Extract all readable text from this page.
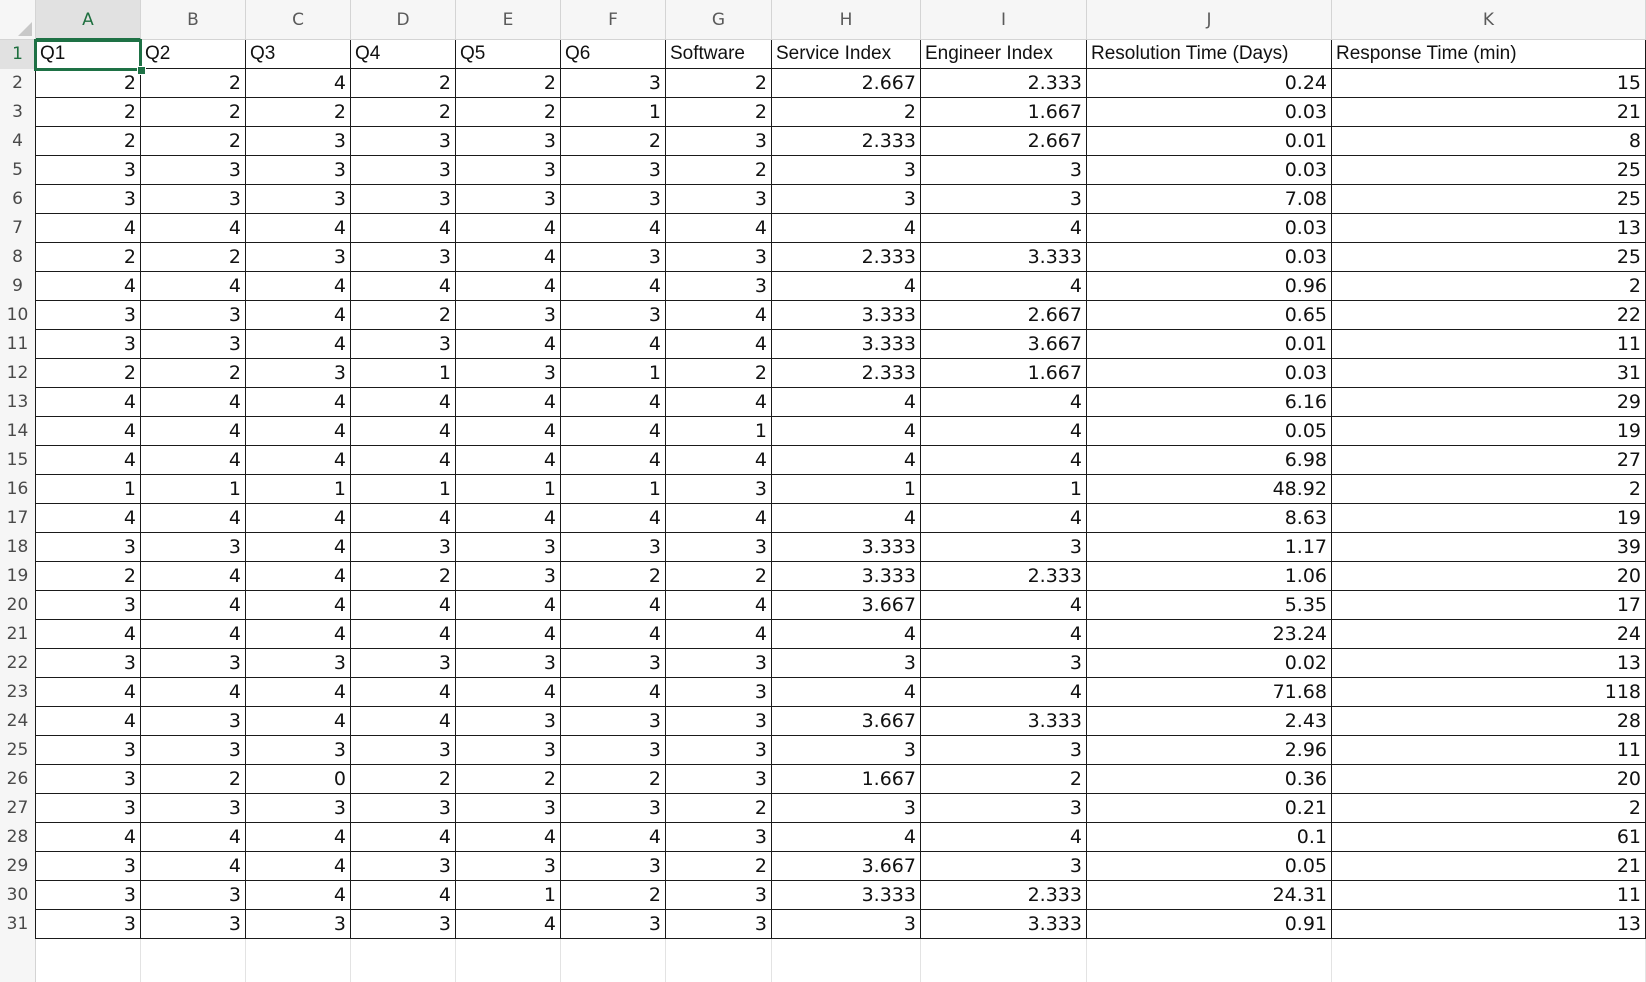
A	B	C	D	E	F	G	H	I	J	K
1
2
3
4
5
6
7
8
9
10
11
12
13
14
15
16
17
18
19
20
21
22
23
24
25
26
27
28
29
30
31
Q1	Q2	Q3	Q4	Q5	Q6	Software	Service Index	Engineer Index	Resolution Time (Days)	Response Time (min)
2	2	4	2	2	3	2	2.667	2.333	0.24	15
2	2	2	2	2	1	2	2	1.667	0.03	21
2	2	3	3	3	2	3	2.333	2.667	0.01	8
3	3	3	3	3	3	2	3	3	0.03	25
3	3	3	3	3	3	3	3	3	7.08	25
4	4	4	4	4	4	4	4	4	0.03	13
2	2	3	3	4	3	3	2.333	3.333	0.03	25
4	4	4	4	4	4	3	4	4	0.96	2
3	3	4	2	3	3	4	3.333	2.667	0.65	22
3	3	4	3	4	4	4	3.333	3.667	0.01	11
2	2	3	1	3	1	2	2.333	1.667	0.03	31
4	4	4	4	4	4	4	4	4	6.16	29
4	4	4	4	4	4	1	4	4	0.05	19
4	4	4	4	4	4	4	4	4	6.98	27
1	1	1	1	1	1	3	1	1	48.92	2
4	4	4	4	4	4	4	4	4	8.63	19
3	3	4	3	3	3	3	3.333	3	1.17	39
2	4	4	2	3	2	2	3.333	2.333	1.06	20
3	4	4	4	4	4	4	3.667	4	5.35	17
4	4	4	4	4	4	4	4	4	23.24	24
3	3	3	3	3	3	3	3	3	0.02	13
4	4	4	4	4	4	3	4	4	71.68	118
4	3	4	4	3	3	3	3.667	3.333	2.43	28
3	3	3	3	3	3	3	3	3	2.96	11
3	2	0	2	2	2	3	1.667	2	0.36	20
3	3	3	3	3	3	2	3	3	0.21	2
4	4	4	4	4	4	3	4	4	0.1	61
3	4	4	3	3	3	2	3.667	3	0.05	21
3	3	4	4	1	2	3	3.333	2.333	24.31	11
3	3	3	3	4	3	3	3	3.333	0.91	13
